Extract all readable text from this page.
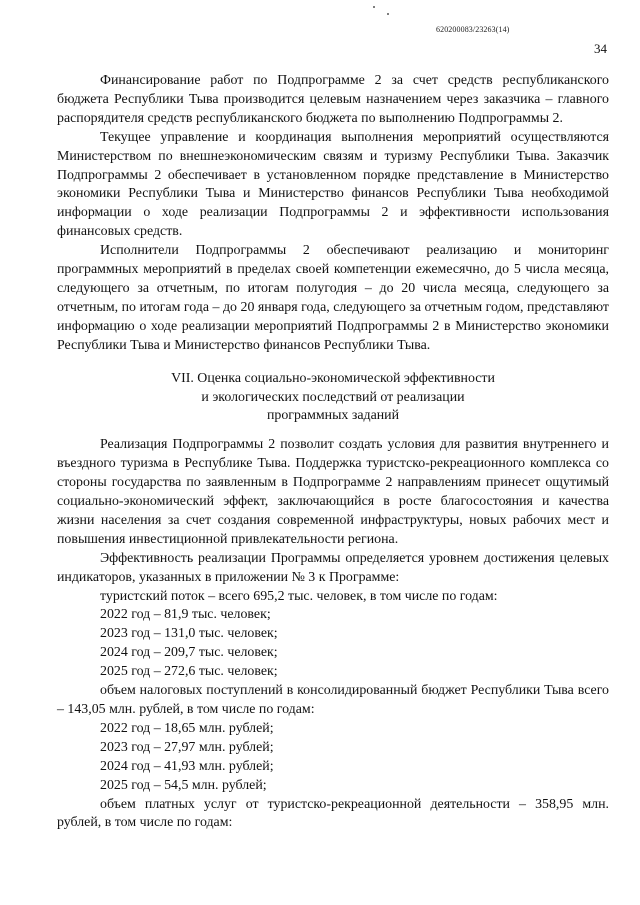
620200083/23263(14)
34

Финансирование работ по Подпрограмме 2 за счет средств республиканского бюджета Республики Тыва производится целевым назначением через заказчика – главного распорядителя средств республиканского бюджета по выполнению Подпрограммы 2.

Текущее управление и координация выполнения мероприятий осуществляются Министерством по внешнеэкономическим связям и туризму Республики Тыва. Заказчик Подпрограммы 2 обеспечивает в установленном порядке представление в Министерство экономики Республики Тыва и Министерство финансов Республики Тыва необходимой информации о ходе реализации Подпрограммы 2 и эффективности использования финансовых средств.

Исполнители Подпрограммы 2 обеспечивают реализацию и мониторинг программных мероприятий в пределах своей компетенции ежемесячно, до 5 числа месяца, следующего за отчетным, по итогам полугодия – до 20 числа месяца, следующего за отчетным, по итогам года – до 20 января года, следующего за отчетным годом, представляют информацию о ходе реализации мероприятий Подпрограммы 2 в Министерство экономики Республики Тыва и Министерство финансов Республики Тыва.

VII. Оценка социально-экономической эффективности
и экологических последствий от реализации
программных заданий

Реализация Подпрограммы 2 позволит создать условия для развития внутреннего и въездного туризма в Республике Тыва. Поддержка туристско-рекреационного комплекса со стороны государства по заявленным в Подпрограмме 2 направлениям принесет ощутимый социально-экономический эффект, заключающийся в росте благосостояния и качества жизни населения за счет создания современной инфраструктуры, новых рабочих мест и повышения инвестиционной привлекательности региона.

Эффективность реализации Программы определяется уровнем достижения целевых индикаторов, указанных в приложении № 3 к Программе:

туристский поток – всего 695,2 тыс. человек, в том числе по годам:

2022 год – 81,9 тыс. человек;

2023 год – 131,0 тыс. человек;

2024 год – 209,7 тыс. человек;

2025 год – 272,6 тыс. человек;

объем налоговых поступлений в консолидированный бюджет Республики Тыва всего – 143,05 млн. рублей, в том числе по годам:

2022 год – 18,65 млн. рублей;

2023 год – 27,97 млн. рублей;

2024 год – 41,93 млн. рублей;

2025 год – 54,5 млн. рублей;

объем платных услуг от туристско-рекреационной деятельности – 358,95 млн. рублей, в том числе по годам:
